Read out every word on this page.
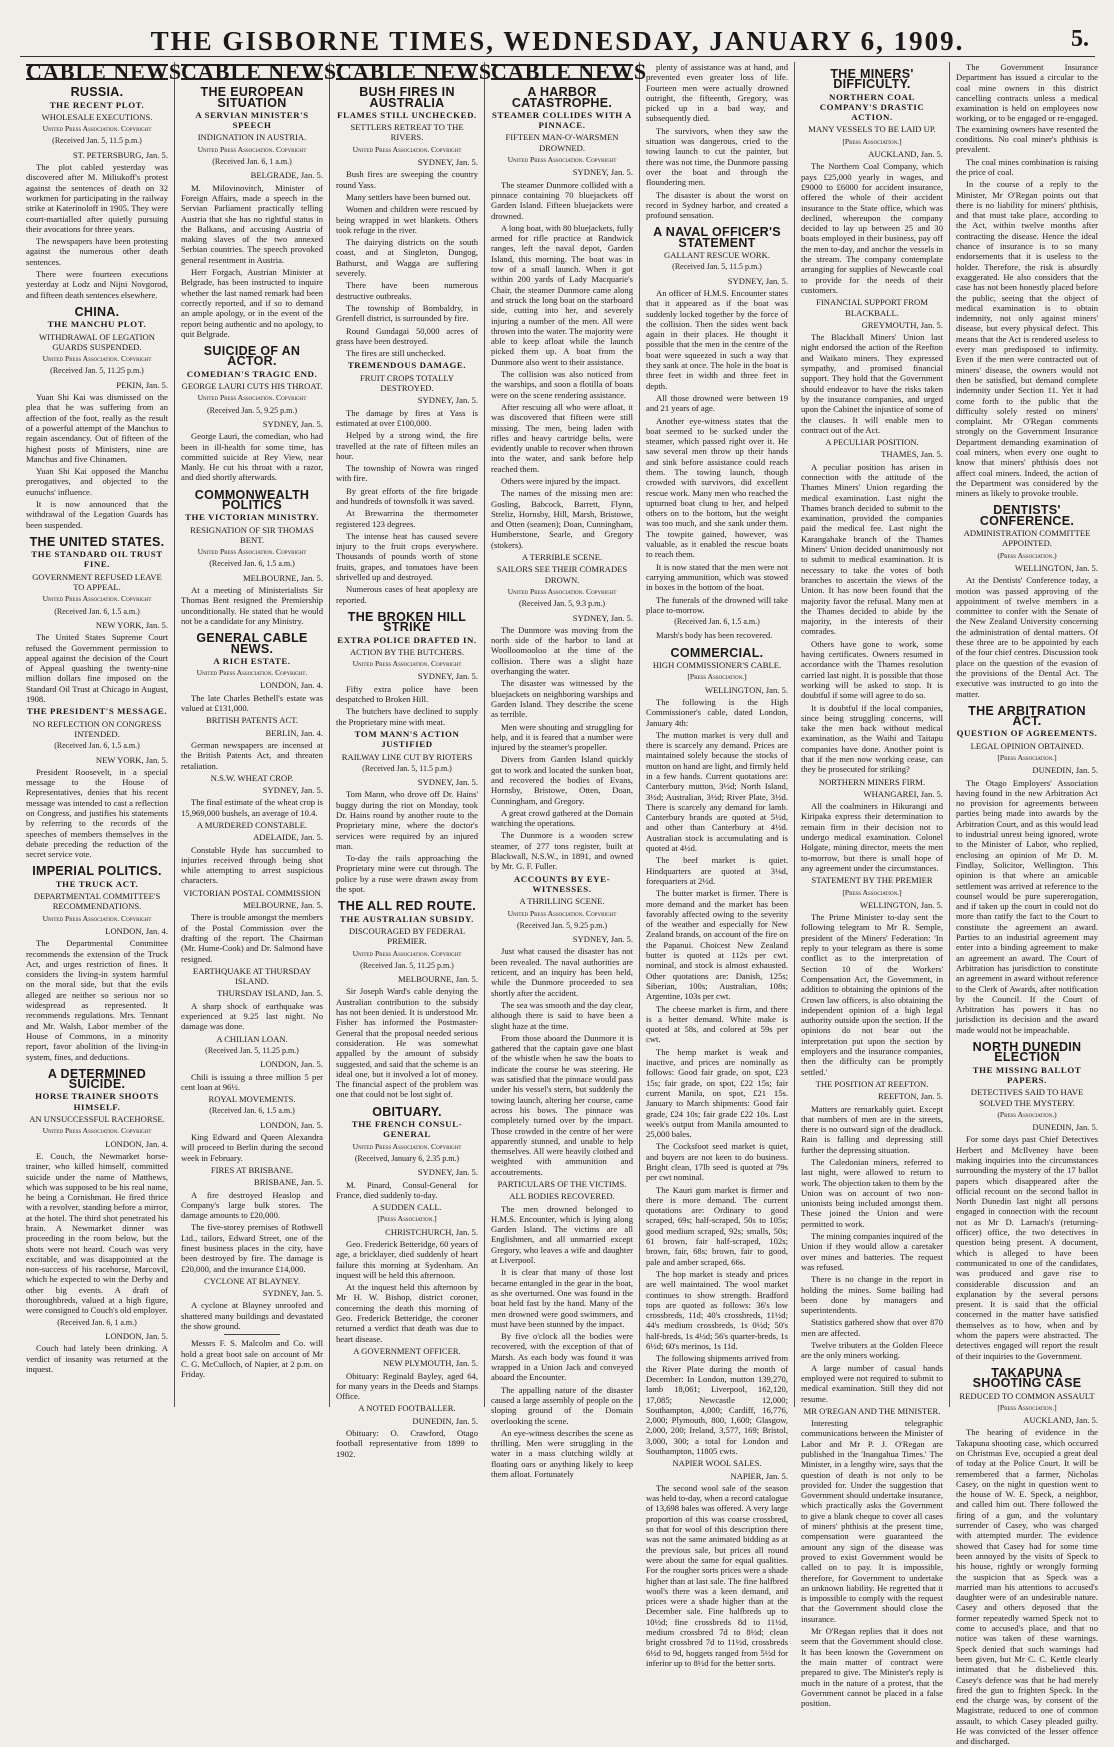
THE GISBORNE TIMES, WEDNESDAY, JANUARY 6, 1909.	5.
CABLE NEWS
RUSSIA.
THE RECENT PLOT.
WHOLESALE EXECUTIONS.
United Press Association. Copyright
(Received Jan. 5, 11.5 p.m.)
ST. PETERSBURG, Jan. 5.
The plot cabled yesterday was discovered after M. Miliukoff's protest against the sentences of death on 32 workmen for participating in the railway strike at Katerinoloff in 1905. They were court-martialled after quietly pursuing their avocations for three years.
The newspapers have been protesting against the numerous other death sentences.
There were fourteen executions yesterday at Lodz and Nijni Novgorod, and fifteen death sentences elsewhere.
CHINA.
THE MANCHU PLOT.
WITHDRAWAL OF LEGATION GUARDS SUSPENDED.
United Press Association. Copyright
(Received Jan. 5, 11.25 p.m.)
PEKIN, Jan. 5.
Yuan Shi Kai was dismissed on the plea that he was suffering from an affection of the foot, really as the result of a powerful attempt of the Manchus to regain ascendancy. Out of fifteen of the highest posts of Ministers, nine are Manchus and five Chinamen.
Yuan Shi Kai opposed the Manchu prerogatives, and objected to the eunuchs' influence.
It is now announced that the withdrawal of the Legation Guards has been suspended.
THE UNITED STATES.
THE STANDARD OIL TRUST FINE.
GOVERNMENT REFUSED LEAVE TO APPEAL.
United Press Association. Copyright
(Received Jan. 6, 1.5 a.m.)
NEW YORK, Jan. 5.
The United States Supreme Court refused the Government permission to appeal against the decision of the Court of Appeal quashing the twenty-nine million dollars fine imposed on the Standard Oil Trust at Chicago in August, 1908.
THE PRESIDENT'S MESSAGE.
NO REFLECTION ON CONGRESS INTENDED.
(Received Jan. 6, 1.5 a.m.)
NEW YORK, Jan. 5.
President Roosevelt, in a special message to the House of Representatives, denies that his recent message was intended to cast a reflection on Congress, and justifies his statements by referring to the records of the speeches of members themselves in the debate preceding the reduction of the secret service vote.
IMPERIAL POLITICS.
THE TRUCK ACT.
DEPARTMENTAL COMMITTEE'S RECOMMENDATIONS.
United Press Association. Copyright
LONDON, Jan. 4.
The Departmental Committee recommends the extension of the Truck Act, and urges restriction of fines. It considers the living-in system harmful on the moral side, but that the evils alleged are neither so serious nor so widespread as represented. It recommends regulations. Mrs. Tennant and Mr. Walsh, Labor member of the House of Commons, in a minority report, favor abolition of the living-in system, fines, and deductions.
A DETERMINED SUICIDE.
HORSE TRAINER SHOOTS HIMSELF.
AN UNSUCCESSFUL RACEHORSE.
United Press Association. Copyright
LONDON, Jan. 4.
E. Couch, the Newmarket horse-trainer, who killed himself, committed suicide under the name of Matthews, which was supposed to be his real name, he being a Cornishman. He fired thrice with a revolver, standing before a mirror, at the hotel. The third shot penetrated his brain. A Newmarket dinner was proceeding in the room below, but the shots were not heard. Couch was very excitable, and was disappointed at the non-success of his racehorse, Marcovil, which he expected to win the Derby and other big events. A draft of thoroughbreds, valued at a high figure, were consigned to Couch's old employer.
(Received Jan. 6, 1 a.m.)
LONDON, Jan. 5.
Couch had lately been drinking. A verdict of insanity was returned at the inquest.
CABLE NEWS
THE EUROPEAN SITUATION
A SERVIAN MINISTER'S SPEECH
INDIGNATION IN AUSTRIA.
United Press Association. Copyright
(Received Jan. 6, 1 a.m.)
BELGRADE, Jan. 5.
M. Milovinovitch, Minister of Foreign Affairs, made a speech in the Servian Parliament practically telling Austria that she has no rightful status in the Balkans, and accusing Austria of making slaves of the two annexed Serbian countries. The speech provoked general resentment in Austria.
Herr Forgach, Austrian Minister at Belgrade, has been instructed to inquire whether the last named remark had been correctly reported, and if so to demand an ample apology, or in the event of the report being authentic and no apology, to quit Belgrade.
SUICIDE OF AN ACTOR.
COMEDIAN'S TRAGIC END.
GEORGE LAURI CUTS HIS THROAT.
United Press Association. Copyright
(Received Jan. 5, 9.25 p.m.)
SYDNEY, Jan. 5.
George Lauri, the comedian, who had been in ill-health for some time, has committed suicide at Rey View, near Manly. He cut his throat with a razor, and died shortly afterwards.
COMMONWEALTH POLITICS
THE VICTORIAN MINISTRY.
RESIGNATION OF SIR THOMAS BENT.
United Press Association. Copyright
(Received Jan. 6, 1.5 a.m.)
MELBOURNE, Jan. 5.
At a meeting of Ministerialists Sir Thomas Bent resigned the Premiership unconditionally. He stated that he would not be a candidate for any Ministry.
GENERAL CABLE NEWS.
A RICH ESTATE.
United Press Association. Copyright.
LONDON, Jan. 4.
The late Charles Bethell's estate was valued at £131,000.
BRITISH PATENTS ACT.
BERLIN, Jan. 4.
German newspapers are incensed at the British Patents Act, and threaten retaliation.
N.S.W. WHEAT CROP.
SYDNEY, Jan. 5.
The final estimate of the wheat crop is 15,969,000 bushels, an average of 10.4.
A MURDERED CONSTABLE.
ADELAIDE, Jan. 5.
Constable Hyde has succumbed to injuries received through being shot while attempting to arrest suspicious characters.
VICTORIAN POSTAL COMMISSION
MELBOURNE, Jan. 5.
There is trouble amongst the members of the Postal Commission over the drafting of the report. The Chairman (Mr. Hume-Cook) and Dr. Salmond have resigned.
EARTHQUAKE AT THURSDAY ISLAND.
THURSDAY ISLAND, Jan. 5.
A sharp shock of earthquake was experienced at 9.25 last night. No damage was done.
A CHILIAN LOAN.
(Received Jan. 5, 11.25 p.m.)
LONDON, Jan. 5.
Chili is issuing a three million 5 per cent loan at 96½.
ROYAL MOVEMENTS.
(Received Jan. 6, 1.5 a.m.)
LONDON, Jan. 5.
King Edward and Queen Alexandra will proceed to Berlin during the second week in February.
FIRES AT BRISBANE.
BRISBANE, Jan. 5.
A fire destroyed Heaslop and Company's large bulk stores. The damage amounts to £20,000.
The five-storey premises of Rothwell Ltd., tailors, Edward Street, one of the finest business places in the city, have been destroyed by fire. The damage is £20,000, and the insurance £14,000.
CYCLONE AT BLAYNEY.
SYDNEY, Jan. 5.
A cyclone at Blayney unroofed and shattered many buildings and devastated the show ground.
Messrs F. S. Malcolm and Co. will hold a great boot sale on account of Mr C. G. McCulloch, of Napier, at 2 p.m. on Friday.
CABLE NEWS
BUSH FIRES IN AUSTRALIA
FLAMES STILL UNCHECKED.
SETTLERS RETREAT TO THE RIVERS.
United Press Association. Copyright
SYDNEY, Jan. 5.
Bush fires are sweeping the country round Yass.
Many settlers have been burned out.
Women and children were rescued by being wrapped in wet blankets. Others took refuge in the river.
The dairying districts on the south coast, and at Singleton, Dungog, Bathurst, and Wagga are suffering severely.
There have been numerous destructive outbreaks.
The township of Bombaldry, in Grenfell district, is surrounded by fire.
Round Gundagai 50,000 acres of grass have been destroyed.
The fires are still unchecked.
TREMENDOUS DAMAGE.
FRUIT CROPS TOTALLY DESTROYED.
SYDNEY, Jan. 5.
The damage by fires at Yass is estimated at over £100,000.
Helped by a strong wind, the fire travelled at the rate of fifteen miles an hour.
The township of Nowra was ringed with fire.
By great efforts of the fire brigade and hundreds of townsfolk it was saved.
At Brewarrina the thermometer registered 123 degrees.
The intense heat has caused severe injury to the fruit crops everywhere. Thousands of pounds worth of stone fruits, grapes, and tomatoes have been shrivelled up and destroyed.
Numerous cases of heat apoplexy are reported.
THE BROKEN HILL STRIKE
EXTRA POLICE DRAFTED IN.
ACTION BY THE BUTCHERS.
United Press Association. Copyright
SYDNEY, Jan. 5.
Fifty extra police have been despatched to Broken Hill.
The butchers have declined to supply the Proprietary mine with meat.
TOM MANN'S ACTION JUSTIFIED
RAILWAY LINE CUT BY RIOTERS
(Received Jan. 5, 11.5 p.m.)
SYDNEY, Jan. 5.
Tom Mann, who drove off Dr. Hains' buggy during the riot on Monday, took Dr. Hains round by another route to the Proprietary mine, where the doctor's services were required by an injured man.
To-day the rails approaching the Proprietary mine were cut through. The police by a ruse were drawn away from the spot.
THE ALL RED ROUTE.
THE AUSTRALIAN SUBSIDY.
DISCOURAGED BY FEDERAL PREMIER.
United Press Association. Copyright
(Received Jan. 5, 11.25 p.m.)
MELBOURNE, Jan. 5.
Sir Joseph Ward's cable denying the Australian contribution to the subsidy has not been denied. It is understood Mr. Fisher has informed the Postmaster-General that the proposal needed serious consideration. He was somewhat appalled by the amount of subsidy suggested, and said that the scheme is an ideal one, but it involved a lot of money. The financial aspect of the problem was one that could not be lost sight of.
OBITUARY.
THE FRENCH CONSUL-GENERAL
United Press Association. Copyright
(Received, January 6, 2.35 p.m.)
SYDNEY, Jan. 5.
M. Pinard, Consul-General for France, died suddenly to-day.
A SUDDEN CALL.
[Press Association.]
CHRISTCHURCH, Jan. 5.
Geo. Frederick Betteridge, 60 years of age, a bricklayer, died suddenly of heart failure this morning at Sydenham. An inquest will be held this afternoon.
At the inquest held this afternoon by Mr H. W. Bishop, district coroner, concerning the death this morning of Geo. Frederick Betteridge, the coroner returned a verdict that death was due to heart disease.
A GOVERNMENT OFFICER.
NEW PLYMOUTH, Jan. 5.
Obituary: Reginald Bayley, aged 64, for many years in the Deeds and Stamps Office.
A NOTED FOOTBALLER.
DUNEDIN, Jan. 5.
Obituary: O. Crawford, Otago football representative from 1899 to 1902.
CABLE NEWS
A HARBOR CATASTROPHE.
STEAMER COLLIDES WITH A PINNACE.
FIFTEEN MAN-O'-WARSMEN DROWNED.
United Press Association. Copyright
SYDNEY, Jan. 5.
The steamer Dunmore collided with a pinnace containing 70 bluejackets off Garden Island. Fifteen bluejackets were drowned.
A long boat, with 80 bluejackets, fully armed for rifle practice at Randwick ranges, left the naval depot, Garden Island, this morning. The boat was in tow of a small launch. When it got within 200 yards of Lady Macquarie's Chair, the steamer Dunmore came along and struck the long boat on the starboard side, cutting into her, and severely injuring a number of the men. All were thrown into the water. The majority were able to keep afloat while the launch picked them up. A boat from the Dunmore also went to their assistance.
The collision was also noticed from the warships, and soon a flotilla of boats were on the scene rendering assistance.
After rescuing all who were afloat, it was discovered that fifteen were still missing. The men, being laden with rifles and heavy cartridge belts, were evidently unable to recover when thrown into the water, and sank before help reached them.
Others were injured by the impact.
The names of the missing men are: Gosling, Babcock, Barrett, Flynn, Streliz, Hornsby, Hill, Marsh, Bristowe, and Otten (seamen); Doan, Cunningham, Humberstone, Searle, and Gregory (stokers).
A TERRIBLE SCENE.
SAILORS SEE THEIR COMRADES DROWN.
United Press Association. Copyright
(Received Jan. 5, 9.3 p.m.)
SYDNEY, Jan. 5.
The Dunmore was moving from the north side of the harbor to land at Woolloomooloo at the time of the collision. There was a slight haze overhanging the water.
The disaster was witnessed by the bluejackets on neighboring warships and Garden Island. They describe the scene as terrible.
Men were shouting and struggling for help, and it is feared that a number were injured by the steamer's propeller.
Divers from Garden Island quickly got to work and located the sunken boat, and recovered the bodies of Evans, Hornsby, Bristowe, Otten, Doan, Cunningham, and Gregory.
A great crowd gathered at the Domain watching the operations.
The Dunmore is a wooden screw steamer, of 277 tons register, built at Blackwall, N.S.W., in 1891, and owned by Mr. G. F. Fuller.
ACCOUNTS BY EYE-WITNESSES.
A THRILLING SCENE.
United Press Association. Copyright
(Received Jan. 5, 9.25 p.m.)
SYDNEY, Jan. 5.
Just what caused the disaster has not been revealed. The naval authorities are reticent, and an inquiry has been held, while the Dunmore proceeded to sea shortly after the accident.
The sea was smooth and the day clear, although there is said to have been a slight haze at the time.
From those aboard the Dunmore it is gathered that the captain gave one blast of the whistle when he saw the boats to indicate the course he was steering. He was satisfied that the pinnace would pass under his vessel's stern, but suddenly the towing launch, altering her course, came across his bows. The pinnace was completely turned over by the impact. Those crowded in the centre of her were apparently stunned, and unable to help themselves. All were heavily clothed and weighted with ammunition and accoutrements.
PARTICULARS OF THE VICTIMS.
ALL BODIES RECOVERED.
The men drowned belonged to H.M.S. Encounter, which is lying along Garden Island. The victims are all Englishmen, and all unmarried except Gregory, who leaves a wife and daughter at Liverpool.
It is clear that many of those lost became entangled in the gear in the boat, as she overturned. One was found in the boat held fast by the hand. Many of the men drowned were good swimmers, and must have been stunned by the impact.
By five o'clock all the bodies were recovered, with the exception of that of Marsh. As each body was found it was wrapped in a Union Jack and conveyed aboard the Encounter.
The appalling nature of the disaster caused a large assembly of people on the sloping ground of the Domain overlooking the scene.
An eye-witness describes the scene as thrilling. Men were struggling in the water in a mass clutching wildly at floating oars or anything likely to keep them afloat. Fortunately
plenty of assistance was at hand, and prevented even greater loss of life. Fourteen men were actually drowned outright, the fifteenth, Gregory, was picked up in a bad way, and subsequently died.
The survivors, when they saw the situation was dangerous, cried to the towing launch to cut the painter, but there was not time, the Dunmore passing over the boat and through the floundering men.
The disaster is about the worst on record in Sydney harbor, and created a profound sensation.
A NAVAL OFFICER'S STATEMENT
GALLANT RESCUE WORK.
(Received Jan. 5, 11.5 p.m.)
SYDNEY, Jan. 5.
An officer of H.M.S. Encounter states that it appeared as if the boat was suddenly locked together by the force of the collision. Then the sides went back again in their places. He thought it possible that the men in the centre of the boat were squeezed in such a way that they sank at once. The hole in the boat is three feet in width and three feet in depth.
All those drowned were between 19 and 21 years of age.
Another eye-witness states that the boat seemed to be sucked under the steamer, which passed right over it. He saw several men throw up their hands and sink before assistance could reach them. The towing launch, though crowded with survivors, did excellent rescue work. Many men who reached the upturned boat clung to her, and helped others on to the bottom, but the weight was too much, and she sank under them. The towpite gained, however, was valuable, as it enabled the rescue boats to reach them.
It is now stated that the men were not carrying ammunition, which was stowed in boxes in the bottom of the boat.
The funerals of the drowned will take place to-morrow.
(Received Jan. 6, 1.5 a.m.)
Marsh's body has been recovered.
COMMERCIAL.
HIGH COMMISSIONER'S CABLE.
[Press Association.]
WELLINGTON, Jan. 5.
The following is the High Commissioner's cable, dated London, January 4th:
The mutton market is very dull and there is scarcely any demand. Prices are maintained solely because the stocks of mutton on hand are light, and firmly held in a few hands. Current quotations are: Canterbury mutton, 3½d; North Island, 3½d; Australian, 3½d; River Plate, 3½d. There is scarcely any demand for lamb. Canterbury brands are quoted at 5½d, and other than Canterbury at 4½d. Australian stock is accumulating and is quoted at 4½d.
The beef market is quiet. Hindquarters are quoted at 3⅛d, forequarters at 2½d.
The butter market is firmer. There is more demand and the market has been favorably affected owing to the severity of the weather and especially for New Zealand brands, on account of the fire on the Papanui. Choicest New Zealand butter is quoted at 112s per cwt. nominal, and stock is almost exhausted. Other quotations are: Danish, 125s; Siberian, 100s; Australian, 108s; Argentine, 103s per cwt.
The cheese market is firm, and there is a better demand. White make is quoted at 58s, and colored at 59s per cwt.
The hemp market is weak and inactive, and prices are nominally as follows: Good fair grade, on spot, £23 15s; fair grade, on spot, £22 15s; fair current Manila, on spot, £21 15s. January to March shipments: Good fair grade, £24 10s; fair grade £22 10s. Last week's output from Manila amounted to 25,000 bales.
The Cocksfoot seed market is quiet, and buyers are not keen to do business. Bright clean, 17lb seed is quoted at 79s per cwt nominal.
The Kauri gum market is firmer and there is more demand. The current quotations are: Ordinary to good scraped, 69s; half-scraped, 50s to 105s; good medium scraped, 92s; smalls, 50s; 61 brown, fair half-scraped, 102s; brown, fair, 68s; brown, fair to good, pale and amber scraped, 66s.
The hop market is steady and prices are well maintained. The wool market continues to show strength. Bradford tops are quoted as follows: 36's low crossbreds, 11d; 40's crossbreds, 11½d; 44's medium crossbreds, 1s 0½d; 50's half-breds, 1s 4½d; 56's quarter-breds, 1s 6½d; 60's merinos, 1s 11d.
The following shipments arrived from the River Plate during the month of December: In London, mutton 139,270, lamb 18,061; Liverpool, 162,120, 17,085; Newcastle 12,000; Southampton, 4,000; Cardiff, 16,776, 2,000; Plymouth, 800, 1,600; Glasgow, 2,000, 200; Ireland, 3,577, 169; Bristol, 3,000, 300; a total for London and Southampton, 11805 cwts.
NAPIER WOOL SALES.
NAPIER, Jan. 5.
The second wool sale of the season was held to-day, when a record catalogue of 13,698 bales was offered. A very large proportion of this was coarse crossbred, so that for wool of this description there was not the same animated bidding as at the previous sale, but prices all round were about the same for equal qualities. For the rougher sorts prices were a shade higher than at last sale. The fine halfbred wool's there was a keen demand, and prices were a shade higher than at the December sale. Fine halfbreds up to 10½d; fine crossbreds 8d to 11½d, medium crossbred 7d to 8½d; clean bright crossbred 7d to 11½d, crossbreds 6½d to 9d, hoggets ranged from 5½d for inferior up to 8½d for the better sorts.
THE MINERS' DIFFICULTY.
NORTHERN COAL COMPANY'S DRASTIC ACTION.
MANY VESSELS TO BE LAID UP.
[Press Association.]
AUCKLAND, Jan. 5.
The Northern Coal Company, which pays £25,000 yearly in wages, and £9000 to £6000 for accident insurance, offered the whole of their accident insurance to the State office, which was declined, whereupon the company decided to lay up between 25 and 30 boats employed in their business, pay off the men to-day, and anchor the vessels in the stream. The company contemplate arranging for supplies of Newcastle coal to provide for the needs of their customers.
FINANCIAL SUPPORT FROM BLACKBALL.
GREYMOUTH, Jan. 5.
The Blackball Miners' Union last night endorsed the action of the Reefton and Waikato miners. They expressed sympathy, and promised financial support. They hold that the Government should endeavor to have the risks taken by the insurance companies, and urged upon the Cabinet the injustice of some of the clauses. It will enable men to contract out of the Act.
A PECULIAR POSITION.
THAMES, Jan. 5.
A peculiar position has arisen in connection with the attitude of the Thames Miners' Union regarding the medical examination. Last night the Thames branch decided to submit to the examination, provided the companies paid the medical fee. Last night the Karangahake branch of the Thames Miners' Union decided unanimously not to submit to medical examination. It is necessary to take the votes of both branches to ascertain the views of the Union. It has now been found that the majority favor the refusal. Many men at the Thames decided to abide by the majority, in the interests of their comrades.
Others have gone to work, some having certificates. Owners resumed in accordance with the Thames resolution carried last night. It is possible that those working will be asked to stop. It is doubtful if some will agree to do so.
It is doubtful if the local companies, since being struggling concerns, will take the men back without medical examination, as the Waihi and Taitapu companies have done. Another point is that if the men now working cease, can they be prosecuted for striking?
NORTHERN MINERS FIRM.
WHANGAREI, Jan. 5.
All the coalminers in Hikurangi and Kiripaka express their determination to remain firm in their decision not to undergo medical examination. Colonel Holgate, mining director, meets the men to-morrow, but there is small hope of any agreement under the circumstances.
STATEMENT BY THE PREMIER
[Press Association.]
WELLINGTON, Jan. 5.
The Prime Minister to-day sent the following telegram to Mr R. Semple, president of the Miners' Federation: 'In reply to your telegram as there is some conflict as to the interpretation of Section 10 of the Workers' Compensation Act, the Government, in addition to obtaining the opinions of the Crown law officers, is also obtaining the independent opinion of a high legal authority outside upon the section. If the opinions do not bear out the interpretation put upon the section by employers and the insurance companies, then the difficulty can be promptly settled.'
THE POSITION AT REEFTON.
REEFTON, Jan. 5.
Matters are remarkably quiet. Except that numbers of men are in the streets, there is no outward sign of the deadlock. Rain is falling and depressing still further the depressing situation.
The Caledonian miners, referred to last night, were allowed to return to work. The objection taken to them by the Union was on account of two non-unionists being included amongst them. These joined the Union and were permitted to work.
The mining companies inquired of the Union if they would allow a caretaker over mines and batteries. The request was refused.
There is no change in the report in holding the mines. Some bailing had been done by managers and superintendents.
Statistics gathered show that over 870 men are affected.
Twelve tributers at the Golden Fleece are the only miners working.
A large number of casual hands employed were not required to submit to medical examination. Still they did not resume.
MR O'REGAN AND THE MINISTER.
Interesting telegraphic communications between the Minister of Labor and Mr P. J. O'Regan are published in the 'Inangahua Times.' The Minister, in a lengthy wire, says that the question of death is not only to be provided for. Under the suggestion that Government should undertake insurance, which practically asks the Government to give a blank cheque to cover all cases of miners' phthisis at the present time, compensation were guaranteed the amount any sign of the disease was proved to exist Government would be called on to pay. It is impossible, therefore, for Government to undertake an unknown liability. He regretted that it is impossible to comply with the request that the Government should close the insurance.
Mr O'Regan replies that it does not seem that the Government should close. It has been known the Government on the main matter of contract were prepared to give. The Minister's reply is much in the nature of a protest, that the Government cannot be placed in a false position.
The Government Insurance Department has issued a circular to the coal mine owners in this district cancelling contracts unless a medical examination is held on employees now working, or to be engaged or re-engaged. The examining owners have resented the conditions. No coal miner's phthisis is prevalent.
The coal mines combination is raising the price of coal.
In the course of a reply to the Minister, Mr O'Regan points out that there is no liability for miners' phthisis, and that must take place, according to the Act, within twelve months after contracting the disease. Hence the ideal chance of insurance is to so many endorsements that it is useless to the holder. Therefore, the risk is absurdly exaggerated. He also considers that the case has not been honestly placed before the public, seeing that the object of medical examination is to obtain indemnity, not only against miners' disease, but every physical defect. This means that the Act is rendered useless to every man predisposed to infirmity. Even if the men were contracted out of miners' disease, the owners would not then be satisfied, but demand complete indemnity under Section 11. Yet it had come forth to the public that the difficulty solely rested on miners' complaint. Mr O'Regan comments strongly on the Government Insurance Department demanding examination of coal miners, when every one ought to know that miners' phthisis does not affect coal miners. Indeed, the action of the Department was considered by the miners as likely to provoke trouble.
DENTISTS' CONFERENCE.
ADMINISTRATION COMMITTEE APPOINTED.
(Press Association.)
WELLINGTON, Jan. 5.
At the Dentists' Conference today, a motion was passed approving of the appointment of twelve members in a committee to confer with the Senate of the New Zealand University concerning the administration of dental matters. Of these three are to be appointed by each of the four chief centres. Discussion took place on the question of the evasion of the provisions of the Dental Act. The executive was instructed to go into the matter.
THE ARBITRATION ACT.
QUESTION OF AGREEMENTS.
LEGAL OPINION OBTAINED.
[Press Association.]
DUNEDIN, Jan. 5.
The Otago Employers' Association having found in the new Arbitration Act no provision for agreements between parties being made into awards by the Arbitration Court, and as this would lead to industrial unrest being ignored, wrote to the Minister of Labor, who replied, enclosing an opinion of Mr D. M. Findlay, Solicitor, Wellington. This opinion is that where an amicable settlement was arrived at reference to the counsel would be pure supererogation, and if taken up the court in could not do more than ratify the fact to the Court to constitute the agreement an award. Parties to an industrial agreement may enter into a binding agreement to make an agreement an award. The Court of Arbitration has jurisdiction to constitute an agreement in award without reference to the Clerk of Awards, after notification by the Council. If the Court of Arbitration has powers it has no jurisdiction its decision and the award made would not be impeachable.
NORTH DUNEDIN ELECTION
THE MISSING BALLOT PAPERS.
DETECTIVES SAID TO HAVE SOLVED THE MYSTERY.
(Press Association.)
DUNEDIN, Jan. 5.
For some days past Chief Detectives Herbert and McIlveney have been making inquiries into the circumstances surrounding the mystery of the 17 ballot papers which disappeared after the official recount on the second ballot in North Dunedin last night all persons engaged in connection with the recount not as Mr D. Larnach's (returning-officer) office, the two detectives in question being present. A document, which is alleged to have been communicated to one of the candidates, was produced and gave rise to considerable discussion and an explanation by the several persons present. It is said that the official concerned in the matter have satisfied themselves as to how, when and by whom the papers were abstracted. The detectives engaged will report the result of their inquiries to the Government.
TAKAPUNA SHOOTING CASE
REDUCED TO COMMON ASSAULT
[Press Association.]
AUCKLAND, Jan. 5.
The hearing of evidence in the Takapuna shooting case, which occurred on Christmas Eve, occupied a great deal of today at the Police Court. It will be remembered that a farmer, Nicholas Casey, on the night in question went to the house of W. E. Speck, a neighbor, and called him out. There followed the firing of a gun, and the voluntary surrender of Casey, who was charged with attempted murder. The evidence showed that Casey had for some time been annoyed by the visits of Speck to his house, rightly or wrongly forming the suspicion that as Speck was a married man his attentions to accused's daughter were of an undesirable nature. Casey and others deposed that the former repeatedly warned Speck not to come to accused's place, and that no notice was taken of these warnings. Speck denied that such warnings had been given, but Mr C. C. Kettle clearly intimated that he disbelieved this. Casey's defence was that he had merely fired the gun to frighten Speck. In the end the charge was, by consent of the Magistrate, reduced to one of common assault, to which Casey pleaded guilty. He was convicted of the lesser offence and discharged.
